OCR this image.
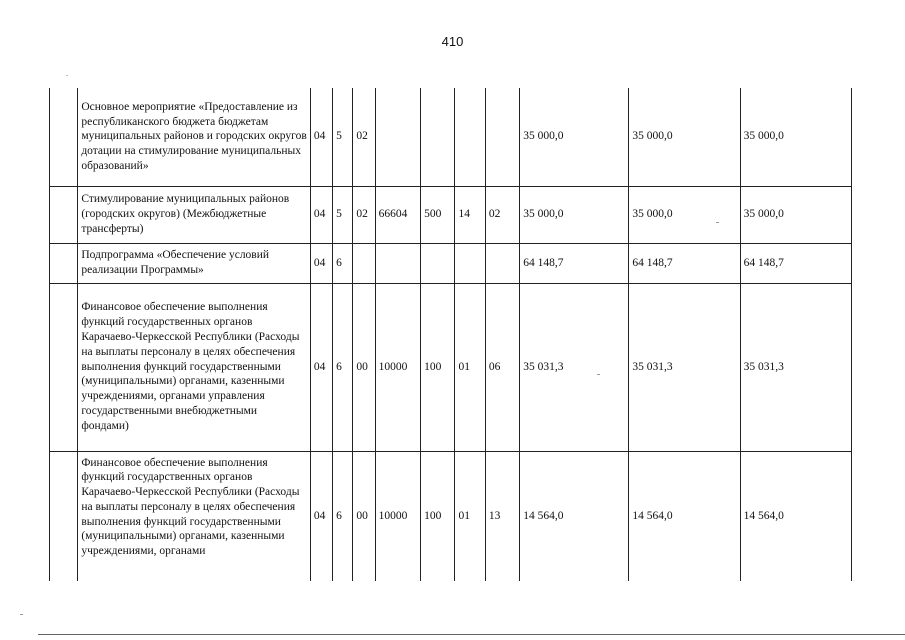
410
	Основное мероприятие «Предоставление из республиканского бюджета бюджетам муниципальных районов и городских округов дотации на стимулирование муниципальных образований»	04	5	02					35 000,0	35 000,0	35 000,0
	Стимулирование муниципальных районов (городских округов) (Межбюджетные трансферты)	04	5	02	66604	500	14	02	35 000,0	35 000,0	35 000,0
	Подпрограмма «Обеспечение условий реализации Программы»	04	6						64 148,7	64 148,7	64 148,7
	Финансовое обеспечение выполнения функций государственных органов Карачаево-Черкесской Республики (Расходы на выплаты персоналу в целях обеспечения выполнения функций государственными (муниципальными) органами, казенными учреждениями, органами управления государственными внебюджетными фондами)	04	6	00	10000	100	01	06	35 031,3	35 031,3	35 031,3
	Финансовое обеспечение выполнения функций государственных органов Карачаево-Черкесской Республики (Расходы на выплаты персоналу в целях обеспечения выполнения функций государственными (муниципальными) органами, казенными учреждениями, органами	04	6	00	10000	100	01	13	14 564,0	14 564,0	14 564,0
